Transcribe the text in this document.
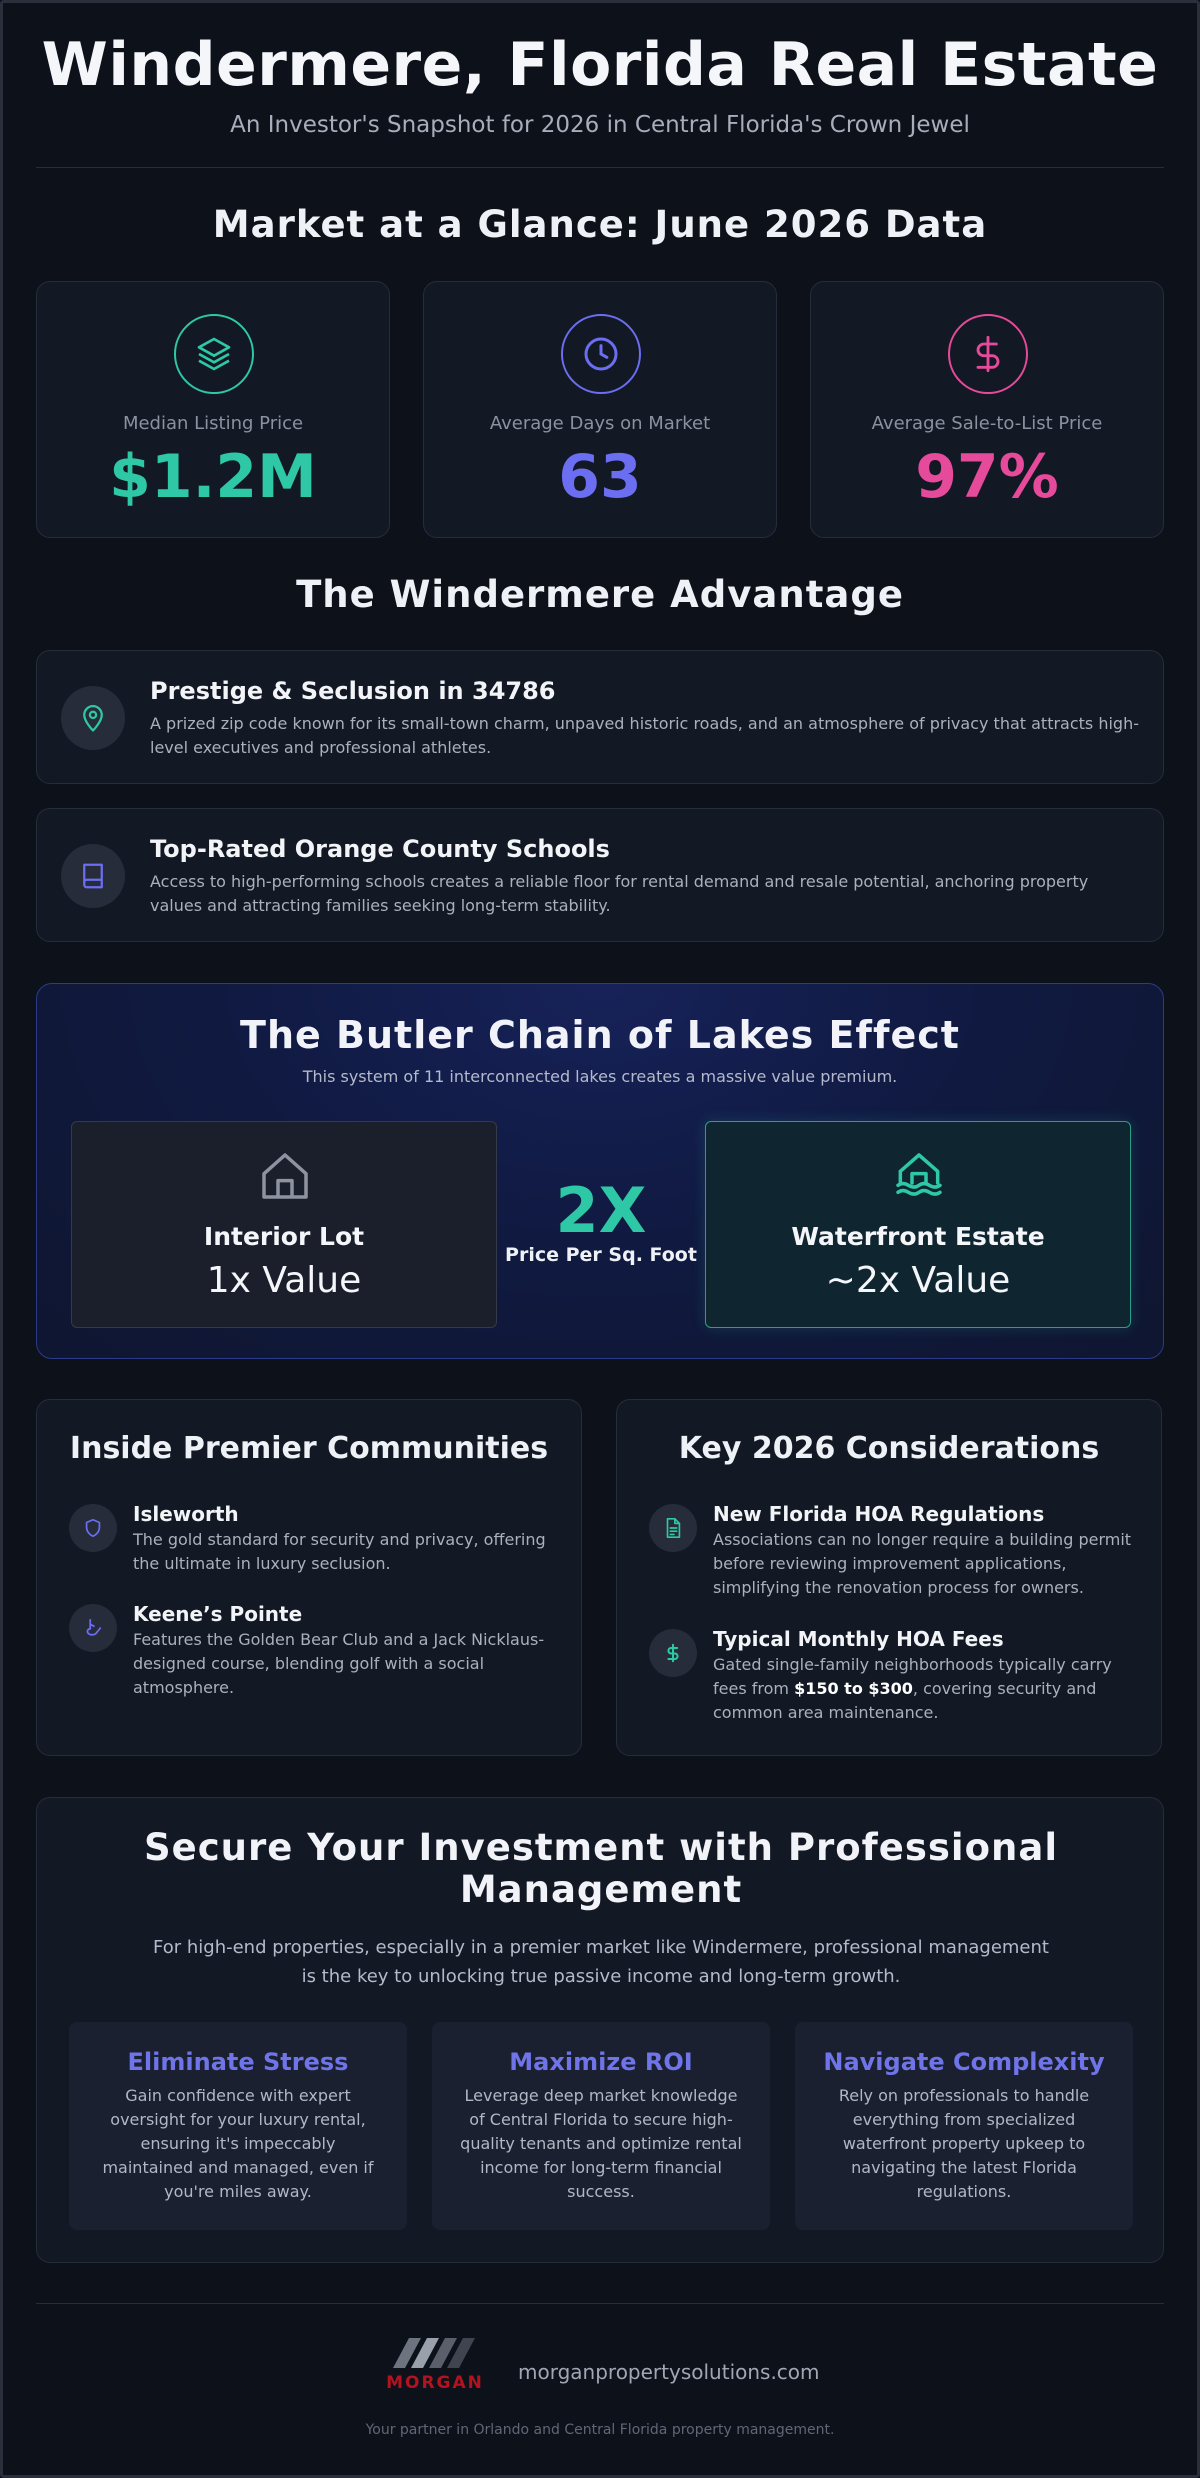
Windermere, Florida Real Estate
An Investor's Snapshot for 2026 in Central Florida's Crown Jewel
Market at a Glance: June 2026 Data
Median Listing Price
$1.2M
Average Days on Market
63
Average Sale-to-List Price
97%
The Windermere Advantage
Prestige & Seclusion in 34786
A prized zip code known for its small-town charm, unpaved historic roads, and an atmosphere of privacy that attracts high-level executives and professional athletes.
Top-Rated Orange County Schools
Access to high-performing schools creates a reliable floor for rental demand and resale potential, anchoring property values and attracting families seeking long-term stability.
The Butler Chain of Lakes Effect
This system of 11 interconnected lakes creates a massive value premium.
Interior Lot
1x Value
2X
Price Per Sq. Foot
Waterfront Estate
~2x Value
Inside Premier Communities
Isleworth
The gold standard for security and privacy, offering the ultimate in luxury seclusion.
Keene’s Pointe
Features the Golden Bear Club and a Jack Nicklaus-designed course, blending golf with a social atmosphere.
Key 2026 Considerations
New Florida HOA Regulations
Associations can no longer require a building permit before reviewing improvement applications, simplifying the renovation process for owners.
Typical Monthly HOA Fees
Gated single-family neighborhoods typically carry fees from $150 to $300, covering security and common area maintenance.
Secure Your Investment with Professional Management
For high-end properties, especially in a premier market like Windermere, professional management is the key to unlocking true passive income and long-term growth.
Eliminate Stress
Gain confidence with expert oversight for your luxury rental, ensuring it's impeccably maintained and managed, even if you're miles away.
Maximize ROI
Leverage deep market knowledge of Central Florida to secure high-quality tenants and optimize rental income for long-term financial success.
Navigate Complexity
Rely on professionals to handle everything from specialized waterfront property upkeep to navigating the latest Florida regulations.
MORGAN morganpropertysolutions.com
Your partner in Orlando and Central Florida property management.
